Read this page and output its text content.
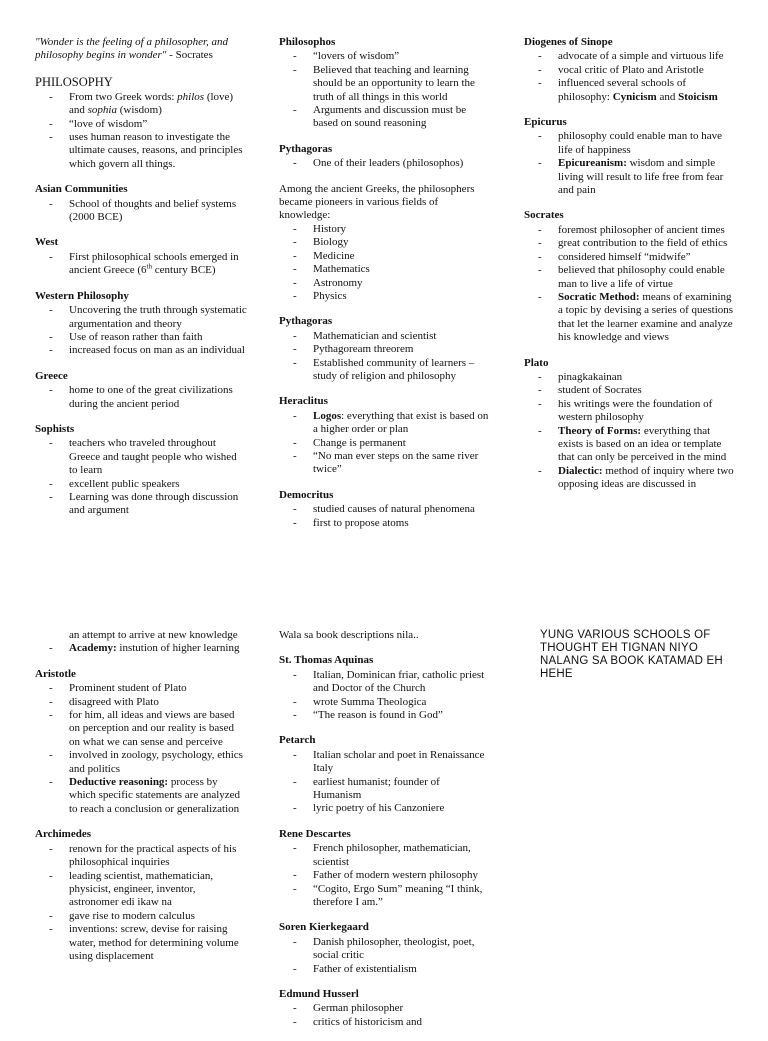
"Wonder is the feeling of a philosopher, and philosophy begins in wonder" - Socrates
PHILOSOPHY
- From two Greek words: philos (love) and sophia (wisdom)
- “love of wisdom”
- uses human reason to investigate the ultimate causes, reasons, and principles which govern all things.
Asian Communities
- School of thoughts and belief systems (2000 BCE)
West
- First philosophical schools emerged in ancient Greece (6th century BCE)
Western Philosophy
- Uncovering the truth through systematic argumentation and theory
- Use of reason rather than faith
- increased focus on man as an individual
Greece
- home to one of the great civilizations during the ancient period
Sophists
- teachers who traveled throughout Greece and taught people who wished to learn
- excellent public speakers
- Learning was done through discussion and argument
Philosophos
- “lovers of wisdom”
- Believed that teaching and learning should be an opportunity to learn the truth of all things in this world
- Arguments and discussion must be based on sound reasoning
Pythagoras
- One of their leaders (philosophos)
Among the ancient Greeks, the philosophers became pioneers in various fields of knowledge:
- History
- Biology
- Medicine
- Mathematics
- Astronomy
- Physics
Pythagoras
- Mathematician and scientist
- Pythagoream threorem
- Established community of learners – study of religion and philosophy
Heraclitus
- Logos: everything that exist is based on a higher order or plan
- Change is permanent
- “No man ever steps on the same river twice”
Democritus
- studied causes of natural phenomena
- first to propose atoms
Diogenes of Sinope
- advocate of a simple and virtuous life
- vocal critic of Plato and Aristotle
- influenced several schools of philosophy: Cynicism and Stoicism
Epicurus
- philosophy could enable man to have life of happiness
- Epicureanism: wisdom and simple living will result to life free from fear and pain
Socrates
- foremost philosopher of ancient times
- great contribution to the field of ethics
- considered himself “midwife”
- believed that philosophy could enable man to live a life of virtue
- Socratic Method: means of examining a topic by devising a series of questions that let the learner examine and analyze his knowledge and views
Plato
- pinagkakainan
- student of Socrates
- his writings were the foundation of western philosophy
- Theory of Forms: everything that exists is based on an idea or template that can only be perceived in the mind
- Dialectic: method of inquiry where two opposing ideas are discussed in
an attempt to arrive at new knowledge
- Academy: instution of higher learning
Aristotle
- Prominent student of Plato
- disagreed with Plato
- for him, all ideas and views are based on perception and our reality is based on what we can sense and perceive
- involved in zoology, psychology, ethics and politics
- Deductive reasoning: process by which specific statements are analyzed to reach a conclusion or generalization
Archimedes
- renown for the practical aspects of his philosophical inquiries
- leading scientist, mathematician, physicist, engineer, inventor, astronomer edi ikaw na
- gave rise to modern calculus
- inventions: screw, devise for raising water, method for determining volume using displacement
Wala sa book descriptions nila..
St. Thomas Aquinas
- Italian, Dominican friar, catholic priest and Doctor of the Church
- wrote Summa Theologica
- “The reason is found in God”
Petarch
- Italian scholar and poet in Renaissance Italy
- earliest humanist; founder of Humanism
- lyric poetry of his Canzoniere
Rene Descartes
- French philosopher, mathematician, scientist
- Father of modern western philosophy
- “Cogito, Ergo Sum” meaning “I think, therefore I am.”
Soren Kierkegaard
- Danish philosopher, theologist, poet, social critic
- Father of existentialism
Edmund Husserl
- German philosopher
- critics of historicism and
YUNG VARIOUS SCHOOLS OF THOUGHT EH TIGNAN NIYO NALANG SA BOOK KATAMAD EH HEHE
